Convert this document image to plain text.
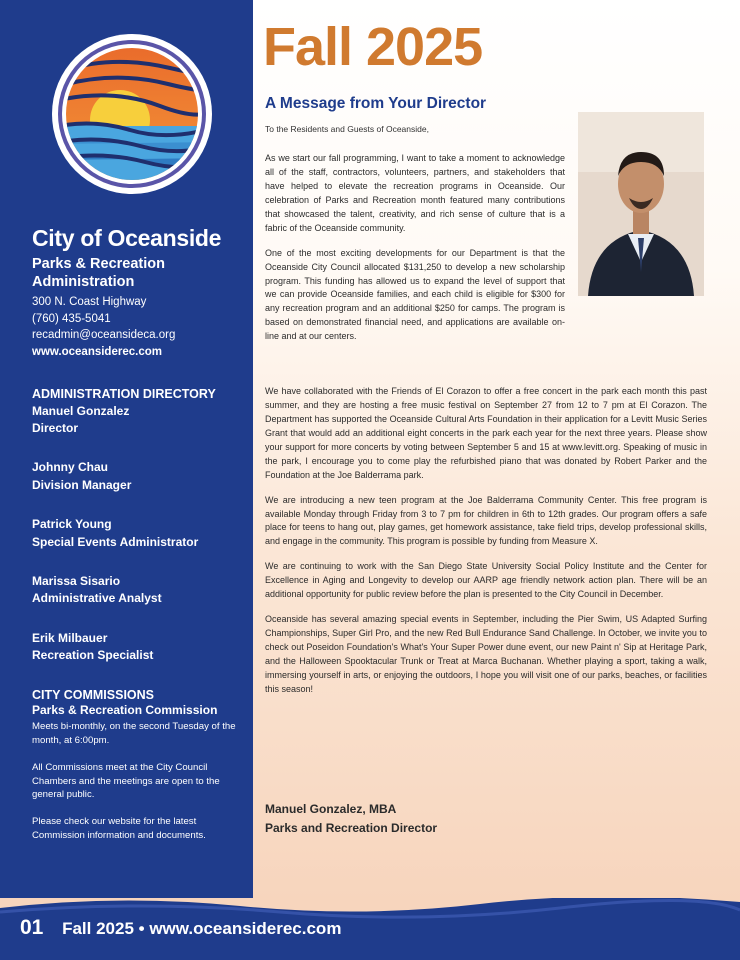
City of Oceanside
Parks & Recreation Administration
300 N. Coast Highway
(760) 435-5041
recadmin@oceansideca.org
www.oceansiderec.com
ADMINISTRATION DIRECTORY
Manuel Gonzalez
Director
Johnny Chau
Division Manager
Patrick Young
Special Events Administrator
Marissa Sisario
Administrative Analyst
Erik Milbauer
Recreation Specialist
CITY COMMISSIONS
Parks & Recreation Commission
Meets bi-monthly, on the second Tuesday of the month, at 6:00pm.
All Commissions meet at the City Council Chambers and the meetings are open to the general public.
Please check our website for the latest Commission information and documents.
Fall 2025
A Message from Your Director
To the Residents and Guests of Oceanside,

As we start our fall programming, I want to take a moment to acknowledge all of the staff, contractors, volunteers, partners, and stakeholders that have helped to elevate the recreation programs in Oceanside. Our celebration of Parks and Recreation month featured many contributions that showcased the talent, creativity, and rich sense of culture that is a fabric of the Oceanside community.

One of the most exciting developments for our Department is that the Oceanside City Council allocated $131,250 to develop a new scholarship program. This funding has allowed us to expand the level of support that we can provide Oceanside families, and each child is eligible for $300 for any recreation program and an additional $250 for camps. The program is based on demonstrated financial need, and applications are available on-line and at our centers.

We have collaborated with the Friends of El Corazon to offer a free concert in the park each month this past summer, and they are hosting a free music festival on September 27 from 12 to 7 pm at El Corazon. The Department has supported the Oceanside Cultural Arts Foundation in their application for a Levitt Music Series Grant that would add an additional eight concerts in the park each year for the next three years. Please show your support for more concerts by voting between September 5 and 15 at www.levitt.org. Speaking of music in the park, I encourage you to come play the refurbished piano that was donated by Robert Parker and the Foundation at the Joe Balderrama park.

We are introducing a new teen program at the Joe Balderrama Community Center. This free program is available Monday through Friday from 3 to 7 pm for children in 6th to 12th grades. Our program offers a safe place for teens to hang out, play games, get homework assistance, take field trips, develop professional skills, and engage in the community. This program is possible by funding from Measure X.

We are continuing to work with the San Diego State University Social Policy Institute and the Center for Excellence in Aging and Longevity to develop our AARP age friendly network action plan. There will be an additional opportunity for public review before the plan is presented to the City Council in December.

Oceanside has several amazing special events in September, including the Pier Swim, US Adapted Surfing Championships, Super Girl Pro, and the new Red Bull Endurance Sand Challenge. In October, we invite you to check out Poseidon Foundation's What's Your Super Power dune event, our new Paint n' Sip at Heritage Park, and the Halloween Spooktacular Trunk or Treat at Marca Buchanan. Whether playing a sport, taking a walk, immersing yourself in arts, or enjoying the outdoors, I hope you will visit one of our parks, beaches, or facilities this season!

Manuel Gonzalez, MBA
Parks and Recreation Director
01 Fall 2025 • www.oceansiderec.com
